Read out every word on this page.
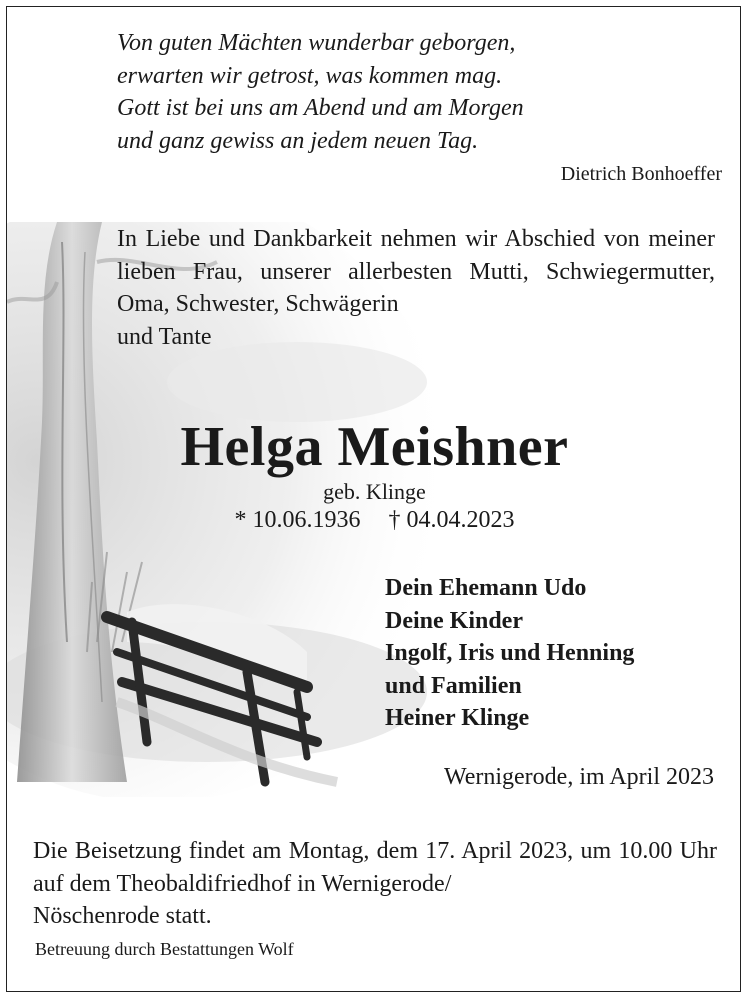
Von guten Mächten wunderbar geborgen,
erwarten wir getrost, was kommen mag.
Gott ist bei uns am Abend und am Morgen
und ganz gewiss an jedem neuen Tag.
Dietrich Bonhoeffer
In Liebe und Dankbarkeit nehmen wir Abschied von meiner lieben Frau, unserer allerbesten Mutti, Schwiegermutter, Oma, Schwester, Schwägerin
und Tante
Helga Meishner
geb. Klinge
* 10.06.1936 † 04.04.2023
Dein Ehemann Udo
Deine Kinder
Ingolf, Iris und Henning
und Familien
Heiner Klinge
Wernigerode, im April 2023
Die Beisetzung findet am Montag, dem 17. April 2023, um 10.00 Uhr auf dem Theobaldifriedhof in Wernigerode/
Nöschenrode statt.
Betreuung durch Bestattungen Wolf
